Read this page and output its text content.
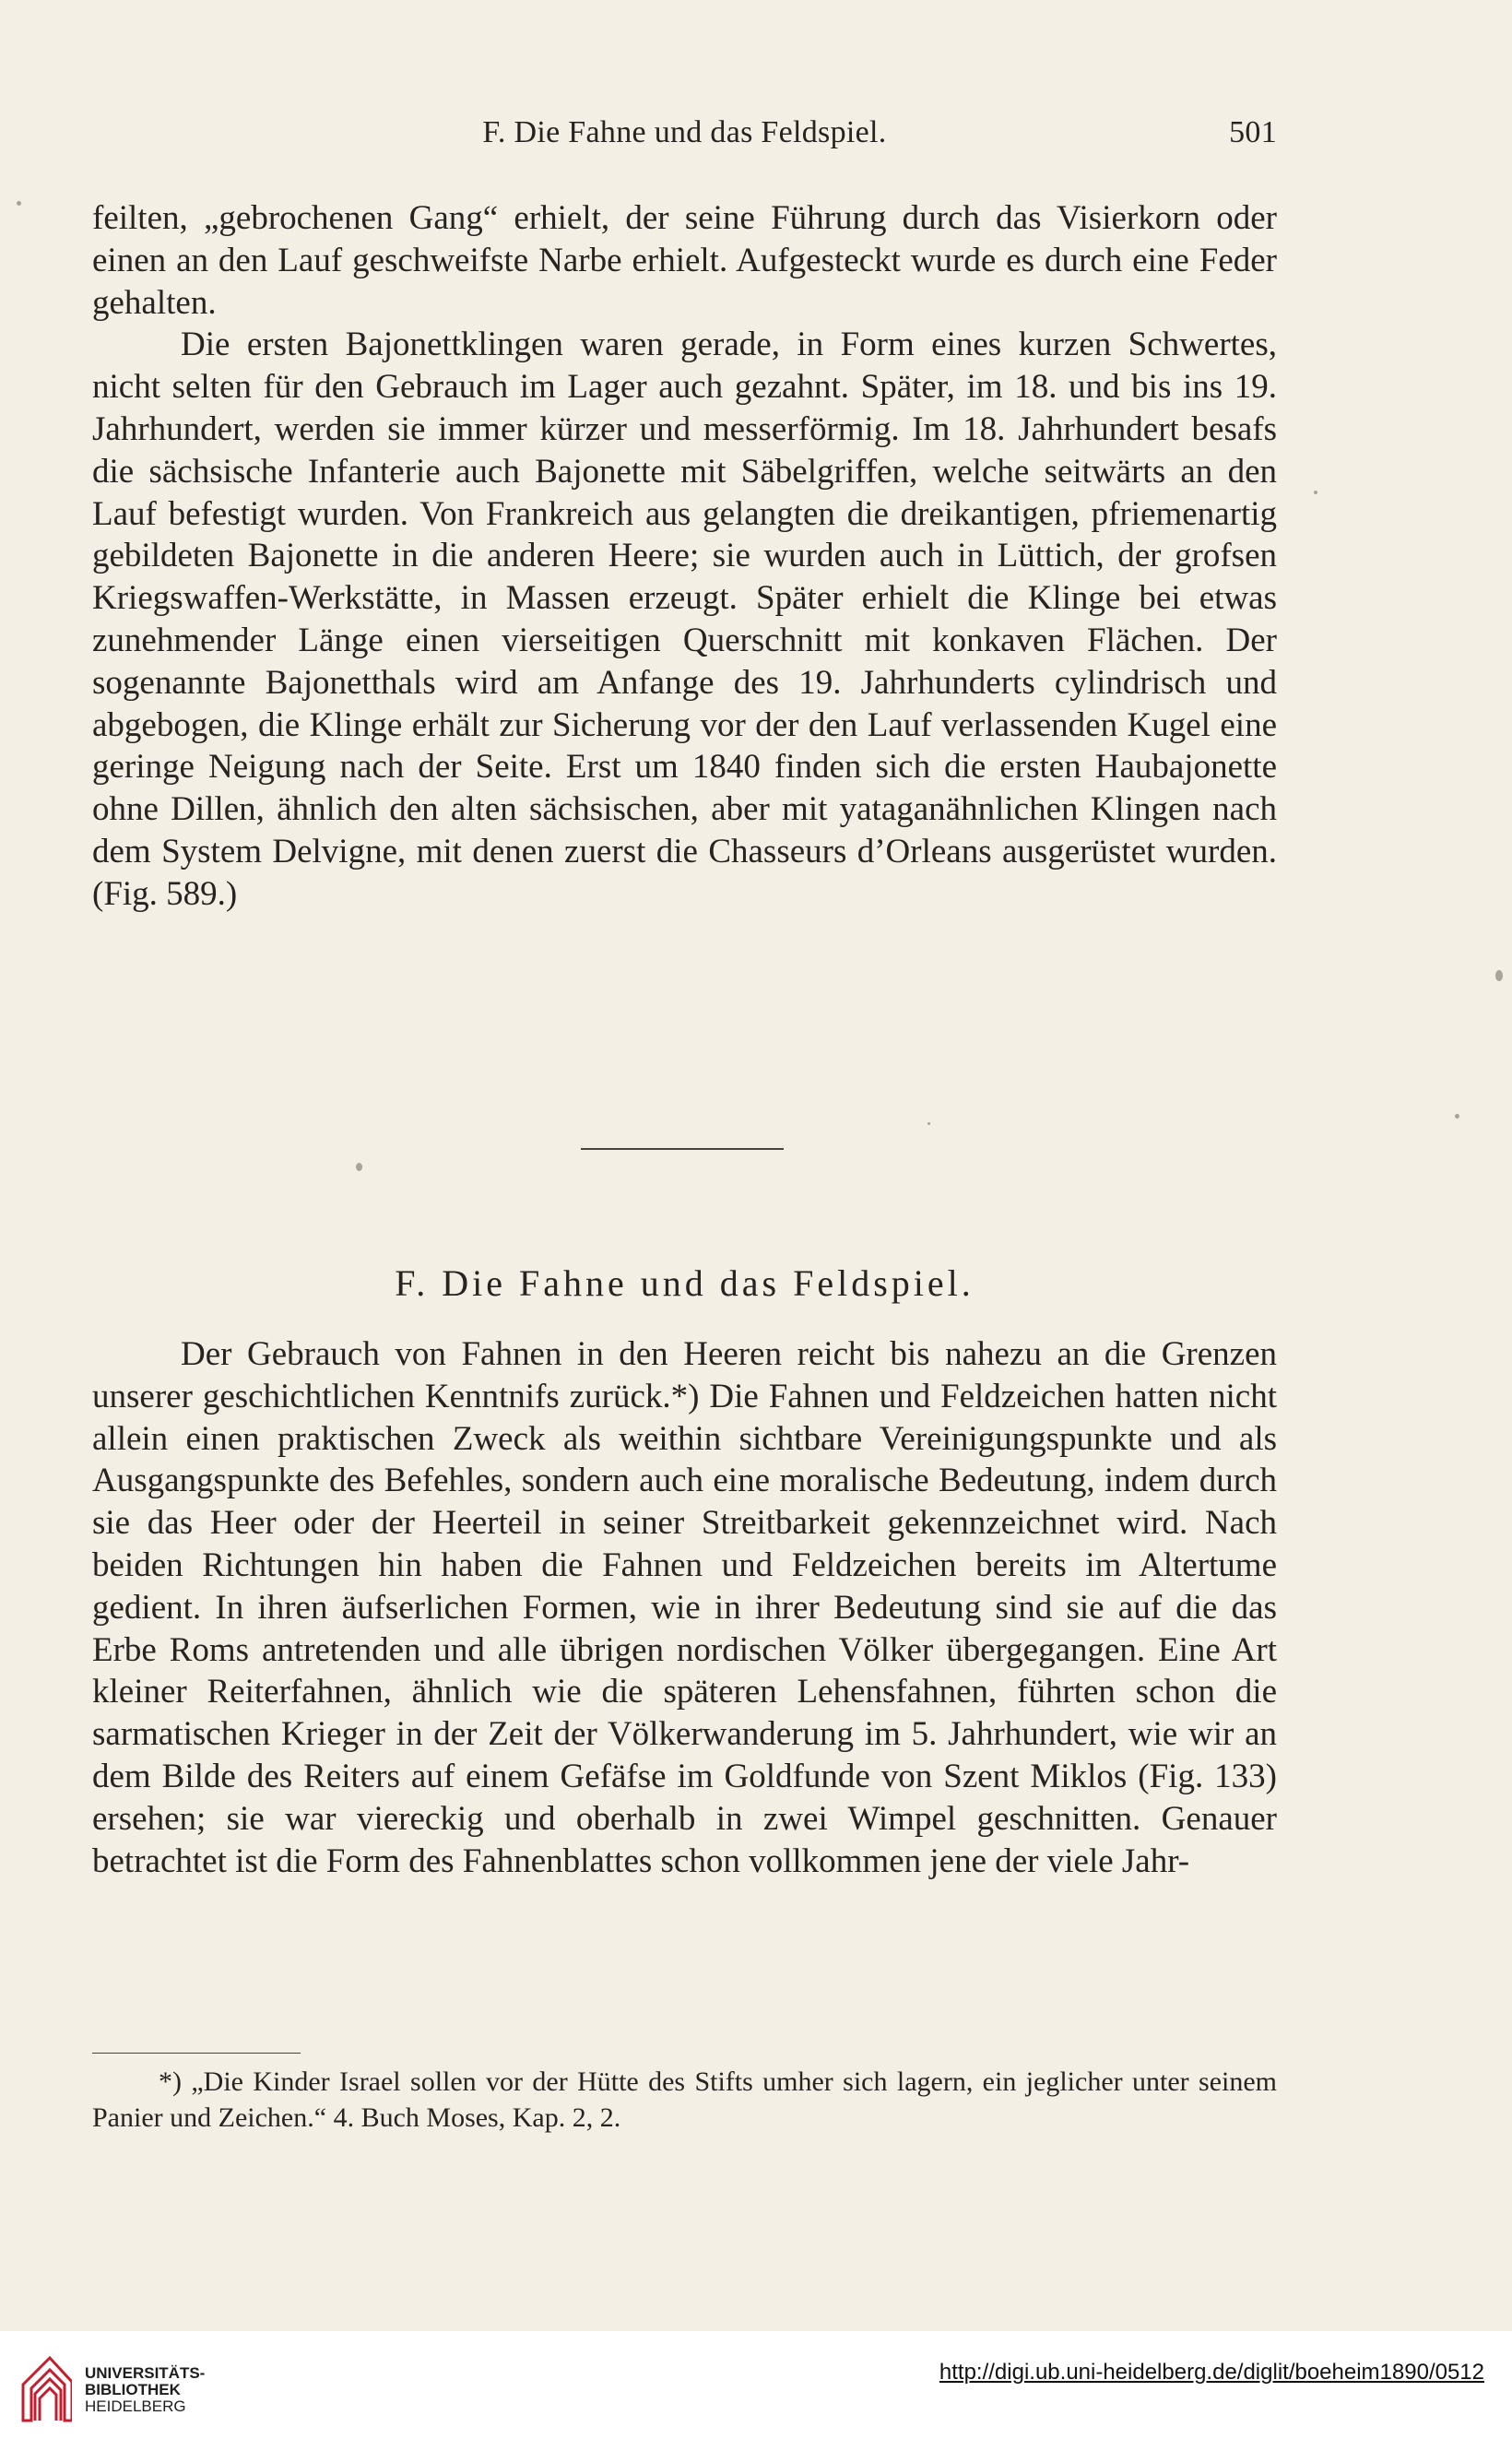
F. Die Fahne und das Feldspiel.	501

feilten, „gebrochenen Gang“ erhielt, der seine Führung durch das Visierkorn oder einen an den Lauf geschweifste Narbe erhielt. Aufgesteckt wurde es durch eine Feder gehalten.

Die ersten Bajonettklingen waren gerade, in Form eines kurzen Schwertes, nicht selten für den Gebrauch im Lager auch gezahnt. Später, im 18. und bis ins 19. Jahrhundert, werden sie immer kürzer und messerförmig. Im 18. Jahrhundert besafs die sächsische Infanterie auch Bajonette mit Säbelgriffen, welche seitwärts an den Lauf befestigt wurden. Von Frankreich aus gelangten die dreikantigen, pfriemenartig gebildeten Bajonette in die anderen Heere; sie wurden auch in Lüttich, der grofsen Kriegswaffen-Werkstätte, in Massen erzeugt. Später erhielt die Klinge bei etwas zunehmender Länge einen vierseitigen Querschnitt mit konkaven Flächen. Der sogenannte Bajonetthals wird am Anfange des 19. Jahrhunderts cylindrisch und abgebogen, die Klinge erhält zur Sicherung vor der den Lauf verlassenden Kugel eine geringe Neigung nach der Seite. Erst um 1840 finden sich die ersten Haubajonette ohne Dillen, ähnlich den alten sächsischen, aber mit yataganähnlichen Klingen nach dem System Delvigne, mit denen zuerst die Chasseurs d’Orleans ausgerüstet wurden. (Fig. 589.)

F. Die Fahne und das Feldspiel.

Der Gebrauch von Fahnen in den Heeren reicht bis nahezu an die Grenzen unserer geschichtlichen Kenntnifs zurück.*) Die Fahnen und Feldzeichen hatten nicht allein einen praktischen Zweck als weithin sichtbare Vereinigungspunkte und als Ausgangspunkte des Befehles, sondern auch eine moralische Bedeutung, indem durch sie das Heer oder der Heerteil in seiner Streitbarkeit gekennzeichnet wird. Nach beiden Richtungen hin haben die Fahnen und Feldzeichen bereits im Altertume gedient. In ihren äufserlichen Formen, wie in ihrer Bedeutung sind sie auf die das Erbe Roms antretenden und alle übrigen nordischen Völker übergegangen. Eine Art kleiner Reiterfahnen, ähnlich wie die späteren Lehensfahnen, führten schon die sarmatischen Krieger in der Zeit der Völkerwanderung im 5. Jahrhundert, wie wir an dem Bilde des Reiters auf einem Gefäfse im Goldfunde von Szent Miklos (Fig. 133) ersehen; sie war viereckig und oberhalb in zwei Wimpel geschnitten. Genauer betrachtet ist die Form des Fahnenblattes schon vollkommen jene der viele Jahr-

*) „Die Kinder Israel sollen vor der Hütte des Stifts umher sich lagern, ein jeglicher unter seinem Panier und Zeichen.“ 4. Buch Moses, Kap. 2, 2.

UNIVERSITÄTS-
BIBLIOTHEK
HEIDELBERG
http://digi.ub.uni-heidelberg.de/diglit/boeheim1890/0512
